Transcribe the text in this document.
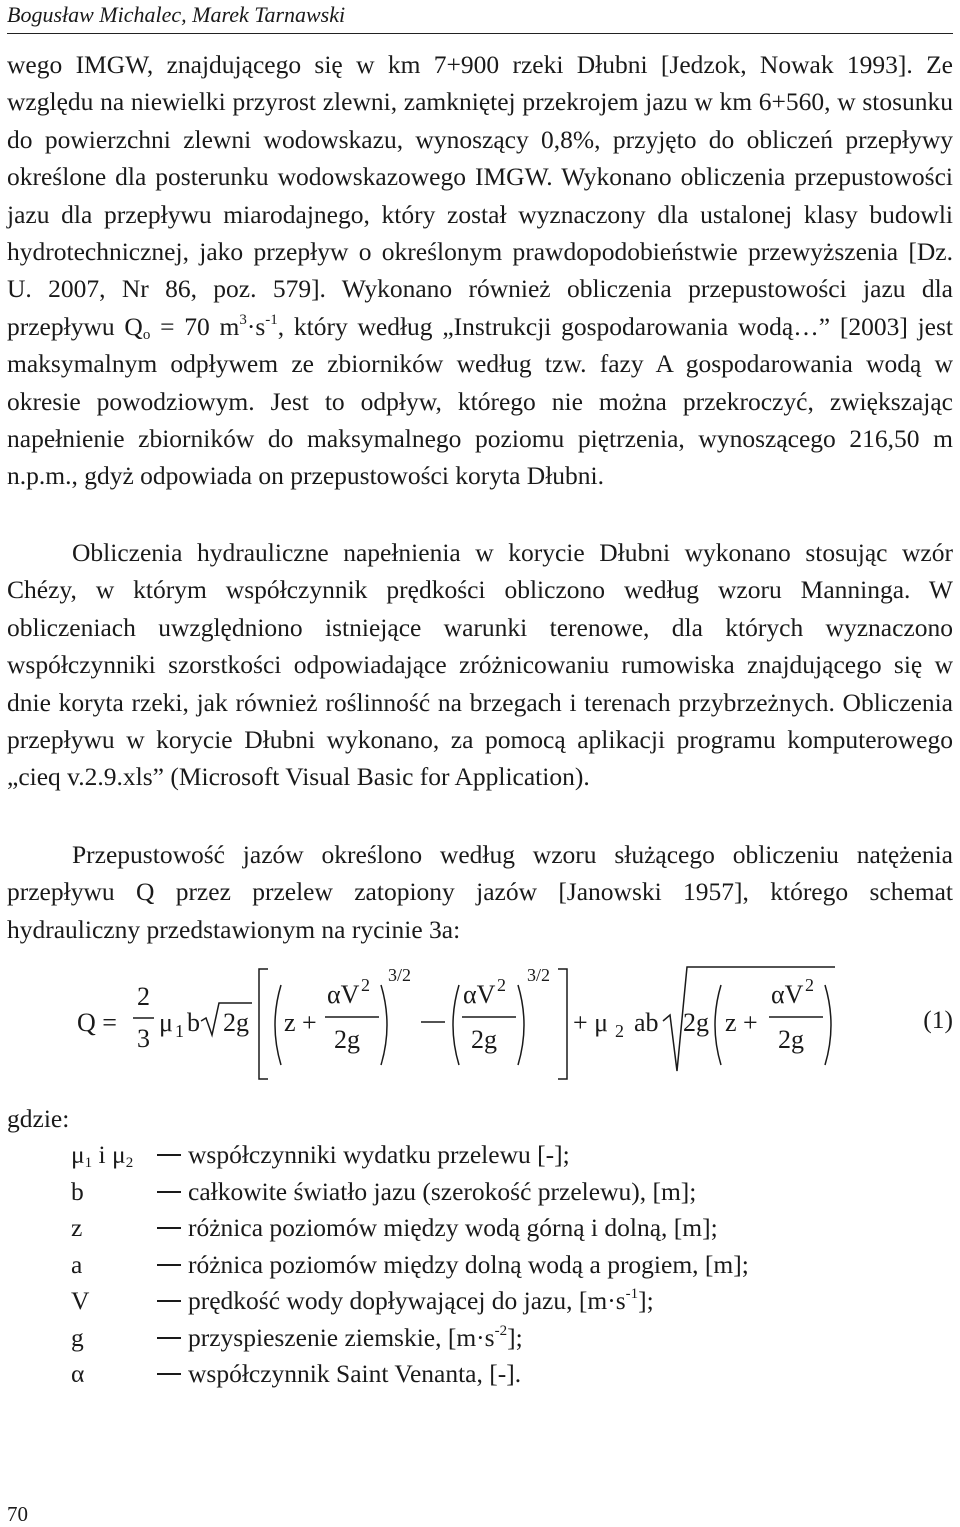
Bogusław Michalec, Marek Tarnawski

wego IMGW, znajdującego się w km 7+900 rzeki Dłubni [Jedzok, Nowak 1993]. Ze względu na niewielki przyrost zlewni, zamkniętej przekrojem jazu w km 6+560, w stosunku do powierzchni zlewni wodowskazu, wynoszący 0,8%, przyjęto do obliczeń przepływy określone dla posterunku wodowskazowego IMGW. Wykonano obliczenia przepustowości jazu dla przepływu miarodajnego, który został wyznaczony dla ustalonej klasy budowli hydrotechnicznej, jako przepływ o określonym prawdopodobieństwie przewyższenia [Dz. U. 2007, Nr 86, poz. 579]. Wykonano również obliczenia przepustowości jazu dla przepływu $Q_o = 70$ $m^3\cdot s^{-1}$, który według „Instrukcji gospodarowania wodą…” [2003] jest maksymalnym odpływem ze zbiorników według tzw. fazy A gospodarowania wodą w okresie powodziowym. Jest to odpływ, którego nie można przekroczyć, zwiększając napełnienie zbiorników do maksymalnego poziomu piętrzenia, wynoszącego 216,50 m n.p.m., gdyż odpowiada on przepustowości koryta Dłubni.

Obliczenia hydrauliczne napełnienia w korycie Dłubni wykonano stosując wzór Chézy, w którym współczynnik prędkości obliczono według wzoru Manninga. W obliczeniach uwzględniono istniejące warunki terenowe, dla których wyznaczono współczynniki szorstkości odpowiadające zróżnicowaniu rumowiska znajdującego się w dnie koryta rzeki, jak również roślinność na brzegach i terenach przybrzeżnych. Obliczenia przepływu w korycie Dłubni wykonano, za pomocą aplikacji programu komputerowego „cieq v.2.9.xls” (Microsoft Visual Basic for Application).

Przepustowość jazów określono według wzoru służącego obliczeniu natężenia przepływu Q przez przelew zatopiony jazów [Janowski 1957], którego schemat hydrauliczny przedstawionym na rycinie 3a:

Q =
2
3
μ 1 b 2g z +
αV 2
2g
3/2
αV 2
2g
3/2
+ μ 2 ab 2g z +
αV 2
2g
(1)
gdzie:
$\mu_1$ i $\mu_2$ współczynniki wydatku przelewu [-];
b	całkowite światło jazu (szerokość przelewu), [m];
z	różnica poziomów między wodą górną i dolną, [m];
a	różnica poziomów między dolną wodą a progiem, [m];
V	prędkość wody dopływającej do jazu, $[m\cdot s^{-1}]$;
g	przyspieszenie ziemskie, $[m\cdot s^{-2}]$;
α	współczynnik Saint Venanta, [-].
70
